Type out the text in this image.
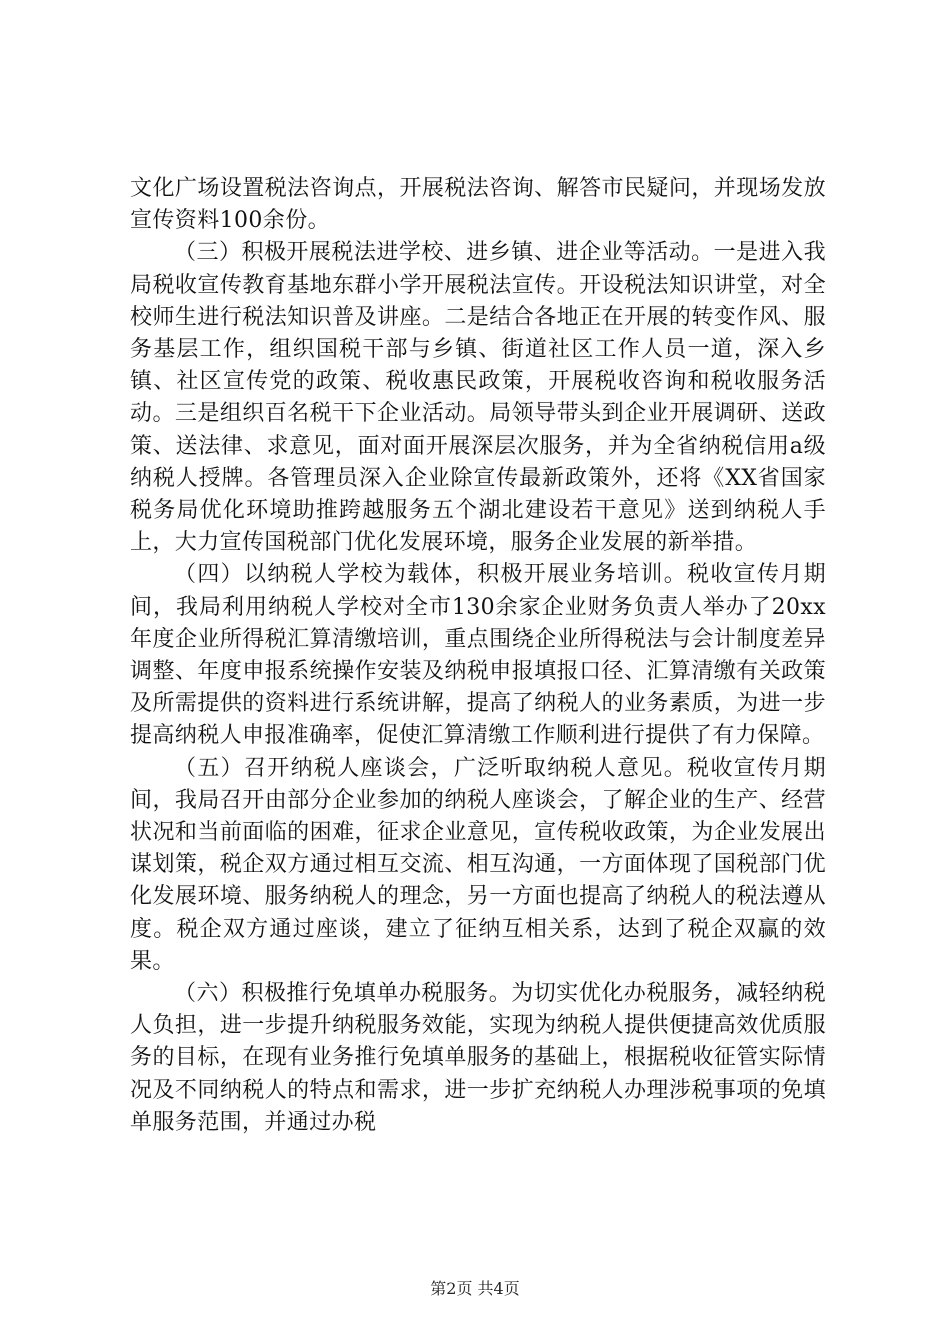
文化广场设置税法咨询点，开展税法咨询、解答市民疑问，并现场发放宣传资料100余份。

（三）积极开展税法进学校、进乡镇、进企业等活动。一是进入我局税收宣传教育基地东群小学开展税法宣传。开设税法知识讲堂，对全校师生进行税法知识普及讲座。二是结合各地正在开展的转变作风、服务基层工作，组织国税干部与乡镇、街道社区工作人员一道，深入乡镇、社区宣传党的政策、税收惠民政策，开展税收咨询和税收服务活动。三是组织百名税干下企业活动。局领导带头到企业开展调研、送政策、送法律、求意见，面对面开展深层次服务，并为全省纳税信用a级纳税人授牌。各管理员深入企业除宣传最新政策外，还将《XX省国家税务局优化环境助推跨越服务五个湖北建设若干意见》送到纳税人手上，大力宣传国税部门优化发展环境，服务企业发展的新举措。

（四）以纳税人学校为载体，积极开展业务培训。税收宣传月期间，我局利用纳税人学校对全市130余家企业财务负责人举办了20xx年度企业所得税汇算清缴培训，重点围绕企业所得税法与会计制度差异调整、年度申报系统操作安装及纳税申报填报口径、汇算清缴有关政策及所需提供的资料进行系统讲解，提高了纳税人的业务素质，为进一步提高纳税人申报准确率，促使汇算清缴工作顺利进行提供了有力保障。

（五）召开纳税人座谈会，广泛听取纳税人意见。税收宣传月期间，我局召开由部分企业参加的纳税人座谈会，了解企业的生产、经营状况和当前面临的困难，征求企业意见，宣传税收政策，为企业发展出谋划策，税企双方通过相互交流、相互沟通，一方面体现了国税部门优化发展环境、服务纳税人的理念，另一方面也提高了纳税人的税法遵从度。税企双方通过座谈，建立了征纳互相关系，达到了税企双赢的效果。

（六）积极推行免填单办税服务。为切实优化办税服务，减轻纳税人负担，进一步提升纳税服务效能，实现为纳税人提供便捷高效优质服务的目标，在现有业务推行免填单服务的基础上，根据税收征管实际情况及不同纳税人的特点和需求，进一步扩充纳税人办理涉税事项的免填单服务范围，并通过办税

第2页 共4页
